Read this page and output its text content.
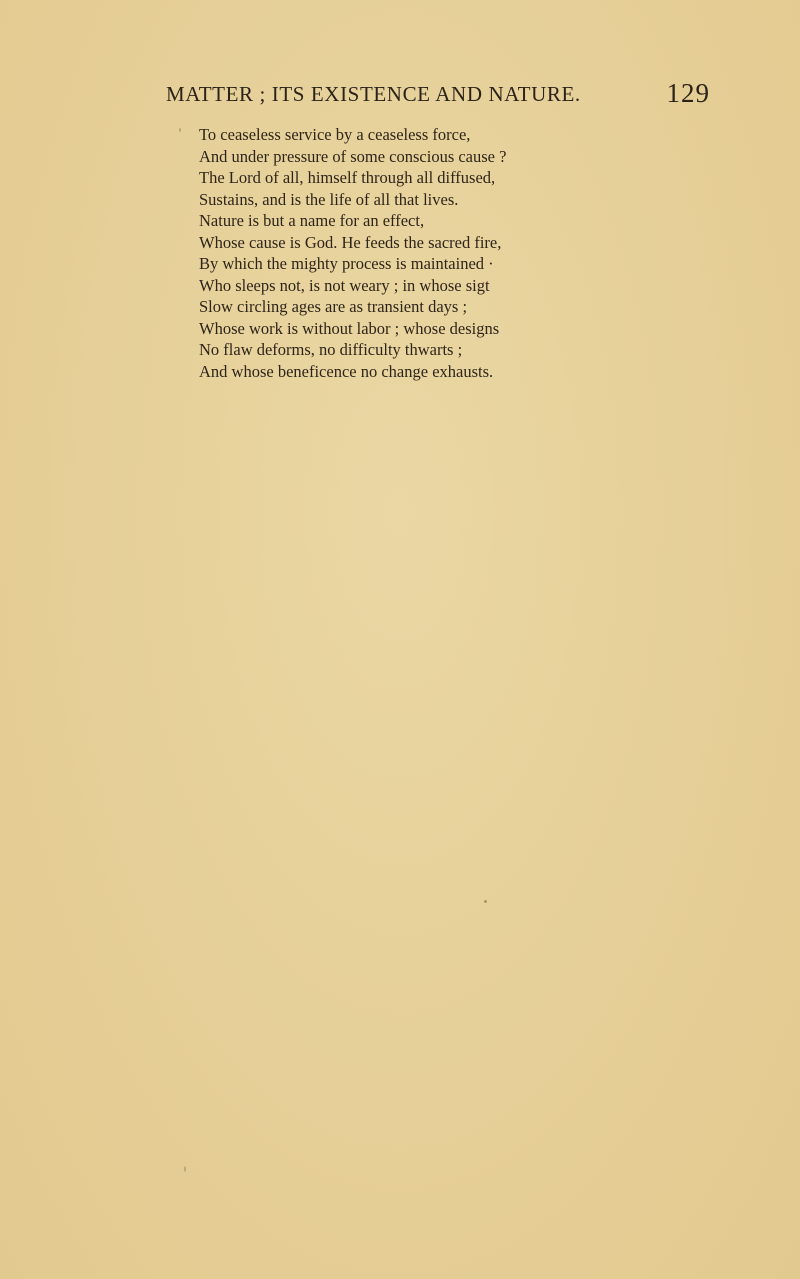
MATTER ; ITS EXISTENCE AND NATURE.	129
To ceaseless service by a ceaseless force,
And under pressure of some conscious cause ?
The Lord of all, himself through all diffused,
Sustains, and is the life of all that lives.
Nature is but a name for an effect,
Whose cause is God. He feeds the sacred fire,
By which the mighty process is maintained ·
Who sleeps not, is not weary ; in whose sigt
Slow circling ages are as transient days ;
Whose work is without labor ; whose designs
No flaw deforms, no difficulty thwarts ;
And whose beneficence no change exhausts.
